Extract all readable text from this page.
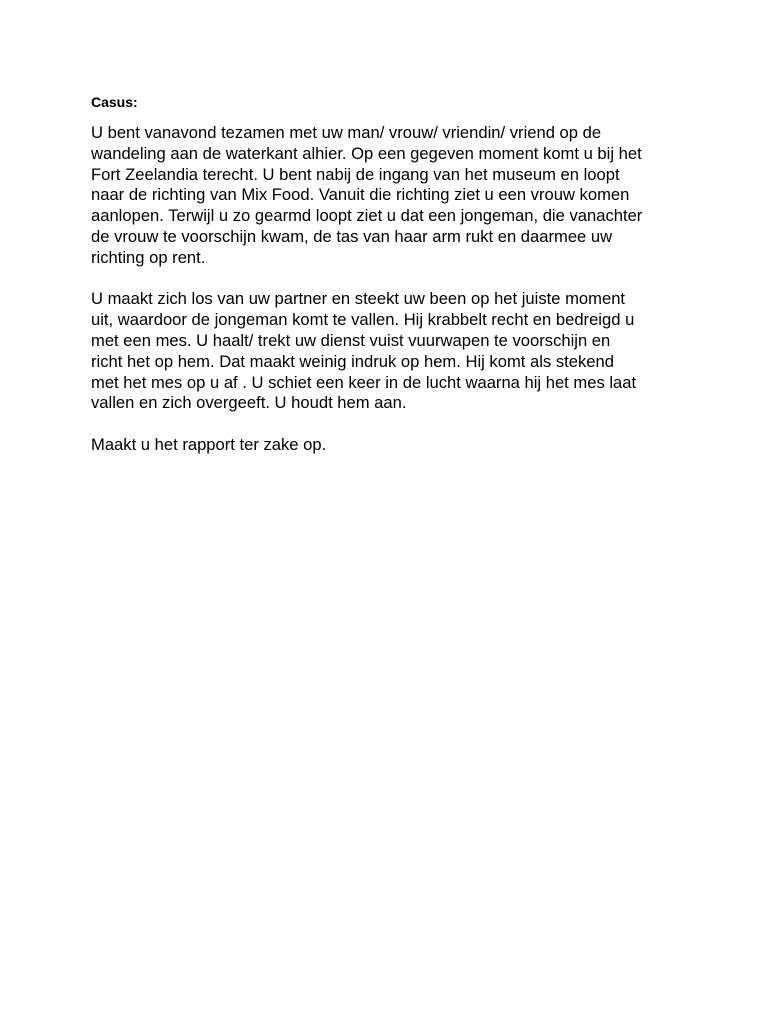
Casus:

U bent vanavond tezamen met uw man/ vrouw/ vriendin/ vriend op de
wandeling aan de waterkant alhier. Op een gegeven moment komt u bij het
Fort Zeelandia terecht. U bent nabij de ingang van het museum en loopt
naar de richting van Mix Food. Vanuit die richting ziet u een vrouw komen
aanlopen. Terwijl u zo gearmd loopt ziet u dat een jongeman, die vanachter
de vrouw te voorschijn kwam, de tas van haar arm rukt en daarmee uw
richting op rent.

U maakt zich los van uw partner en steekt uw been op het juiste moment
uit, waardoor de jongeman komt te vallen. Hij krabbelt recht en bedreigd u
met een mes. U haalt/ trekt uw dienst vuist vuurwapen te voorschijn en
richt het op hem. Dat maakt weinig indruk op hem. Hij komt als stekend
met het mes op u af . U schiet een keer in de lucht waarna hij het mes laat
vallen en zich overgeeft. U houdt hem aan.

Maakt u het rapport ter zake op.
